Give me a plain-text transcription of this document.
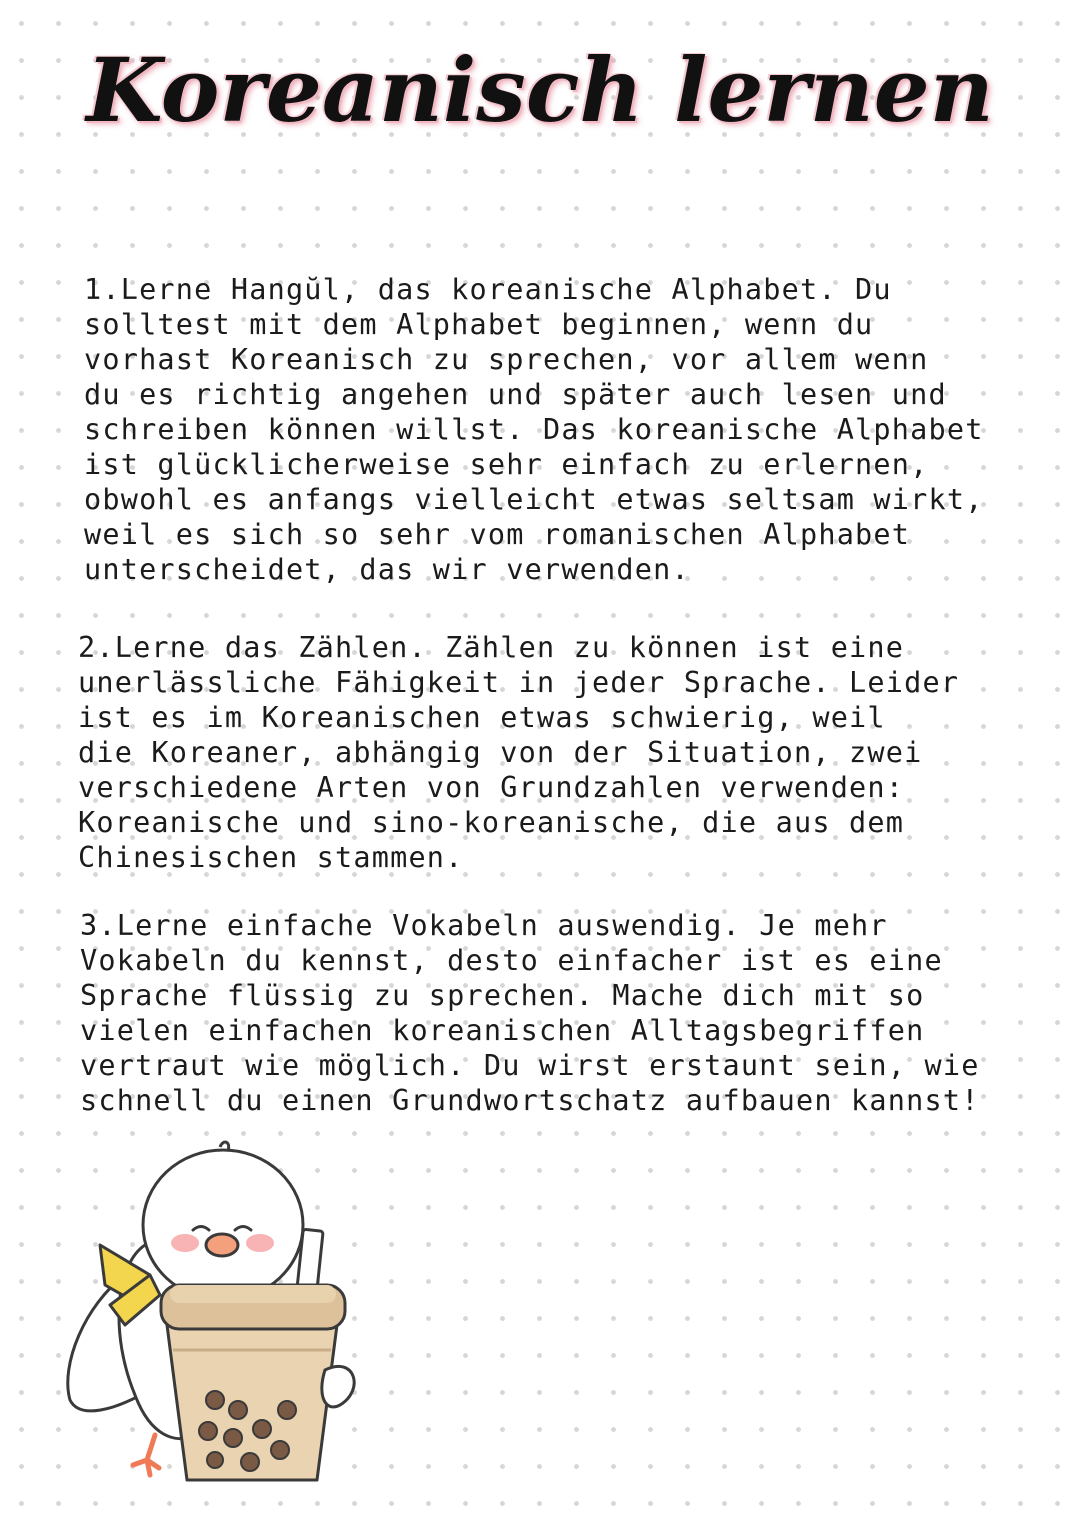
Koreanisch lernen

1.Lerne Hangŭl, das koreanische Alphabet. Du
solltest mit dem Alphabet beginnen, wenn du
vorhast Koreanisch zu sprechen, vor allem wenn
du es richtig angehen und später auch lesen und
schreiben können willst. Das koreanische Alphabet
ist glücklicherweise sehr einfach zu erlernen,
obwohl es anfangs vielleicht etwas seltsam wirkt,
weil es sich so sehr vom romanischen Alphabet
unterscheidet, das wir verwenden.

2.Lerne das Zählen. Zählen zu können ist eine
unerlässliche Fähigkeit in jeder Sprache. Leider
ist es im Koreanischen etwas schwierig, weil
die Koreaner, abhängig von der Situation, zwei
verschiedene Arten von Grundzahlen verwenden:
Koreanische und sino-koreanische, die aus dem
Chinesischen stammen.

3.Lerne einfache Vokabeln auswendig. Je mehr
Vokabeln du kennst, desto einfacher ist es eine
Sprache flüssig zu sprechen. Mache dich mit so
vielen einfachen koreanischen Alltagsbegriffen
vertraut wie möglich. Du wirst erstaunt sein, wie
schnell du einen Grundwortschatz aufbauen kannst!
